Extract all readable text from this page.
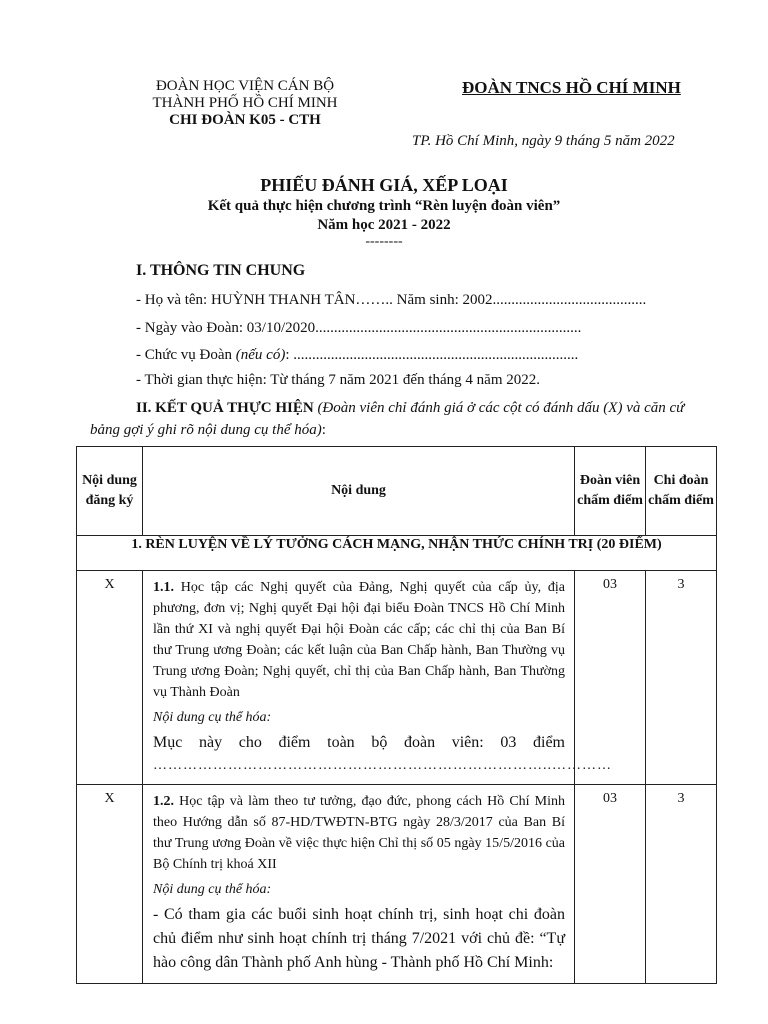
ĐOÀN HỌC VIỆN CÁN BỘ
THÀNH PHỐ HỒ CHÍ MINH
CHI ĐOÀN K05 - CTH
ĐOÀN TNCS HỒ CHÍ MINH
TP. Hồ Chí Minh, ngày 9 tháng 5 năm 2022
PHIẾU ĐÁNH GIÁ, XẾP LOẠI
Kết quả thực hiện chương trình “Rèn luyện đoàn viên”
Năm học 2021 - 2022
--------
I. THÔNG TIN CHUNG
- Họ và tên: HUỲNH THANH TÂN…….. Năm sinh: 2002.........................................
- Ngày vào Đoàn: 03/10/2020.......................................................................
- Chức vụ Đoàn (nếu có): ............................................................................
- Thời gian thực hiện: Từ tháng 7 năm 2021 đến tháng 4 năm 2022.
II. KẾT QUẢ THỰC HIỆN (Đoàn viên chỉ đánh giá ở các cột có đánh dấu (X) và căn cứ bảng gợi ý ghi rõ nội dung cụ thể hóa):
Nội dung đăng ký	Nội dung	Đoàn viên chấm điểm	Chi đoàn chấm điểm
1. RÈN LUYỆN VỀ LÝ TƯỞNG CÁCH MẠNG, NHẬN THỨC CHÍNH TRỊ (20 ĐIỂM)			
X	1.1. Học tập các Nghị quyết của Đảng, Nghị quyết của cấp ủy, địa phương, đơn vị; Nghị quyết Đại hội đại biểu Đoàn TNCS Hồ Chí Minh lần thứ XI và nghị quyết Đại hội Đoàn các cấp; các chỉ thị của Ban Bí thư Trung ương Đoàn; các kết luận của Ban Chấp hành, Ban Thường vụ Trung ương Đoàn; Nghị quyết, chỉ thị của Ban Chấp hành, Ban Thường vụ Thành Đoàn
Nội dung cụ thể hóa:
Mục này cho điểm toàn bộ đoàn viên: 03 điểm
……………………………………………………………………..…………	03	3
X	1.2. Học tập và làm theo tư tưởng, đạo đức, phong cách Hồ Chí Minh theo Hướng dẫn số 87-HD/TWĐTN-BTG ngày 28/3/2017 của Ban Bí thư Trung ương Đoàn về việc thực hiện Chỉ thị số 05 ngày 15/5/2016 của Bộ Chính trị khoá XII
Nội dung cụ thể hóa:
- Có tham gia các buổi sinh hoạt chính trị, sinh hoạt chi đoàn chủ điểm như sinh hoạt chính trị tháng 7/2021 với chủ đề: “Tự hào công dân Thành phố Anh hùng - Thành phố Hồ Chí Minh:	03	3
